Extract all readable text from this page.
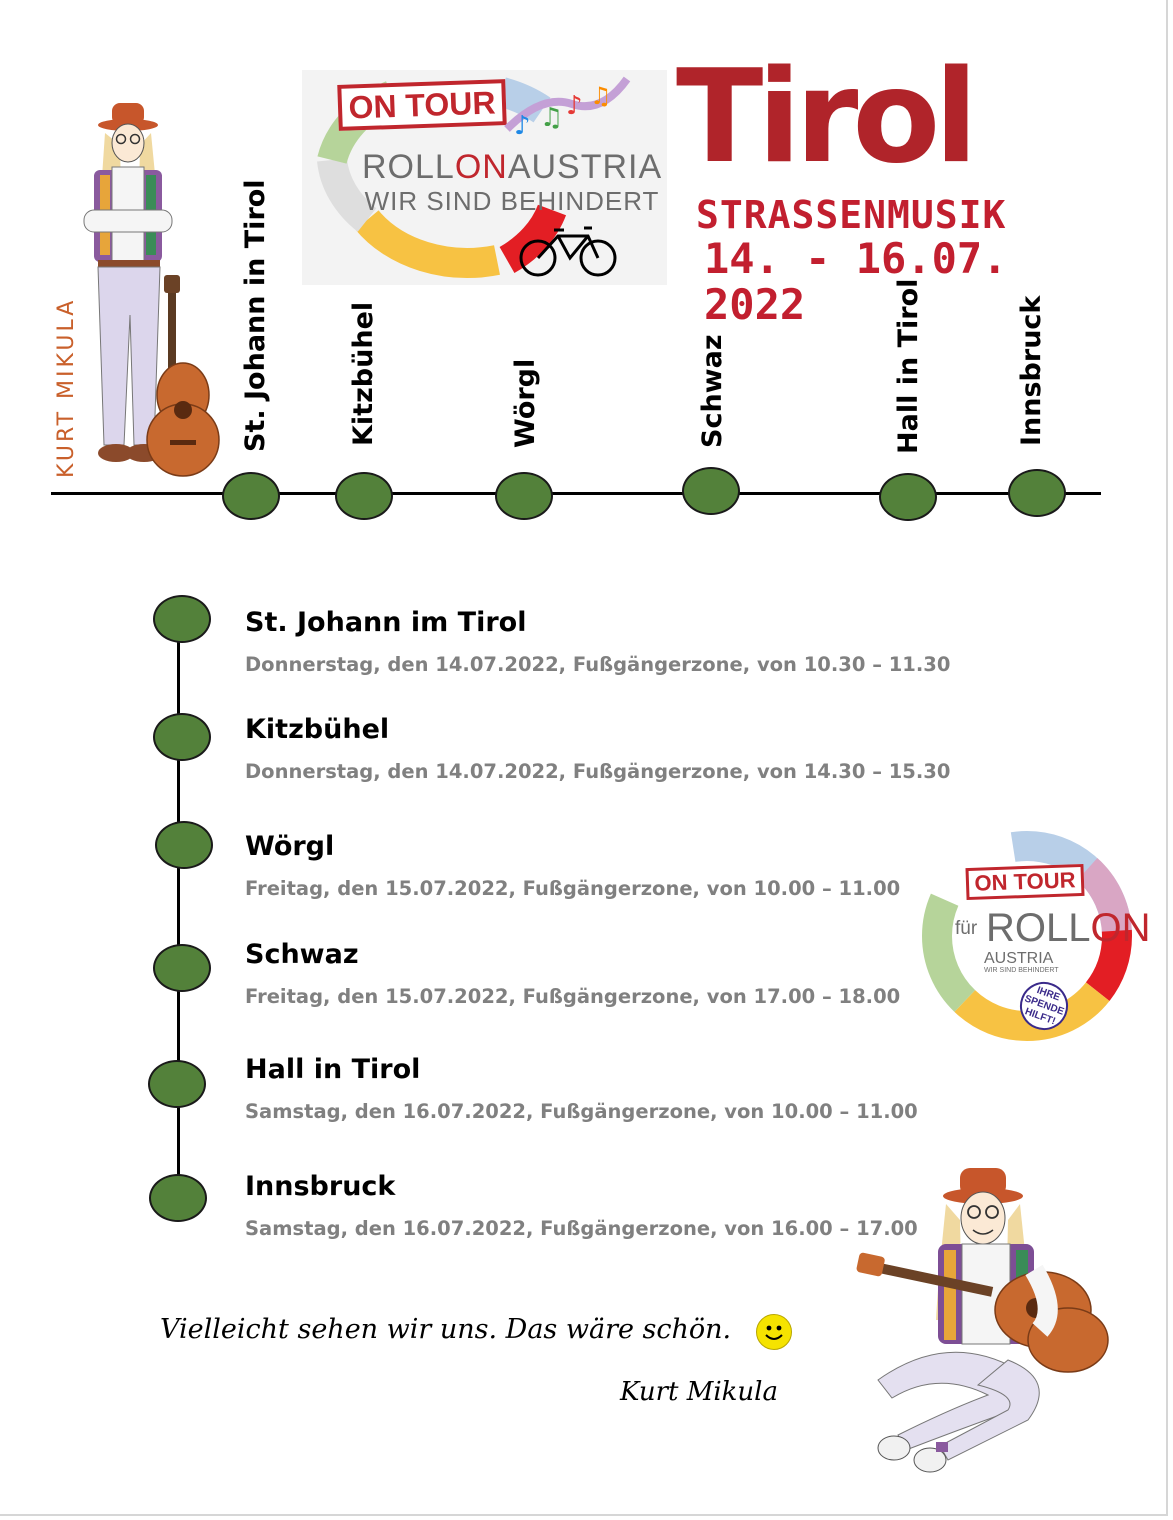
KURT MIKULA
ON TOUR
♪ ♫ ♪ ♫
ROLLONAUSTRIA
WIR SIND BEHINDERT
Tirol
STRASSENMUSIK
14. - 16.07. 2022
St. Johann in Tirol	Kitzbühel	Wörgl	Schwaz	Hall in Tirol	Innsbruck
St. Johann im Tirol
Donnerstag, den 14.07.2022, Fußgängerzone, von 10.30 – 11.30
Kitzbühel
Donnerstag, den 14.07.2022, Fußgängerzone, von 14.30 – 15.30
Wörgl
Freitag, den 15.07.2022, Fußgängerzone, von 10.00 – 11.00
Schwaz
Freitag, den 15.07.2022, Fußgängerzone, von 17.00 – 18.00
Hall in Tirol
Samstag, den 16.07.2022, Fußgängerzone, von 10.00 – 11.00
Innsbruck
Samstag, den 16.07.2022, Fußgängerzone, von 16.00 – 17.00
ON TOUR
für ROLLON
AUSTRIA
WIR SIND BEHINDERT
IHRE SPENDE HILFT!
Vielleicht sehen wir uns. Das wäre schön.
Kurt Mikula
